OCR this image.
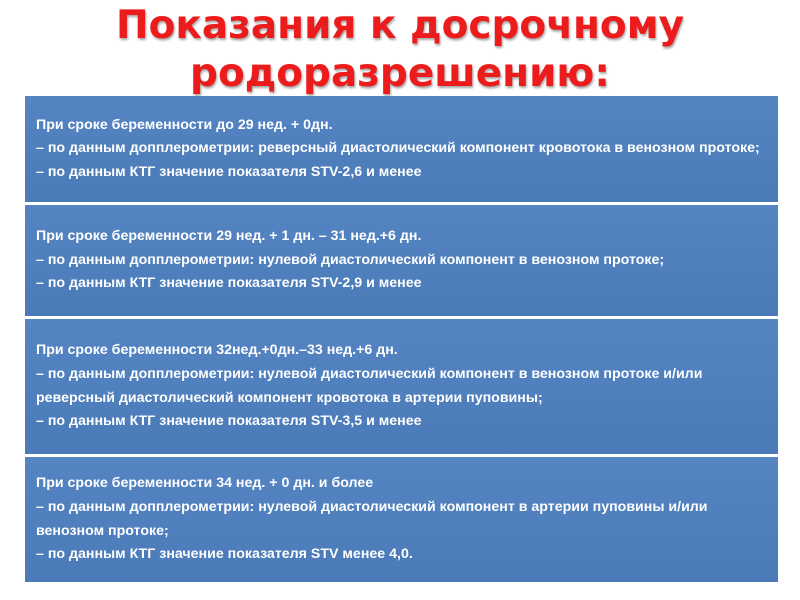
Показания к досрочному
родоразрешению:
При сроке беременности до 29 нед. + 0дн.
– по данным допплерометрии: реверсный диастолический компонент кровотока в венозном протоке;
– по данным КТГ значение показателя STV-2,6 и менее
При сроке беременности 29 нед. + 1 дн. – 31 нед.+6 дн.
– по данным допплерометрии: нулевой диастолический компонент в венозном протоке;
– по данным КТГ значение показателя STV-2,9 и менее
При сроке беременности 32нед.+0дн.–33 нед.+6 дн.
– по данным допплерометрии: нулевой диастолический компонент в венозном протоке и/или реверсный диастолический компонент кровотока в артерии пуповины;
– по данным КТГ значение показателя STV-3,5 и менее
При сроке беременности 34 нед. + 0 дн. и более
– по данным допплерометрии: нулевой диастолический компонент в артерии пуповины и/или венозном протоке;
– по данным КТГ значение показателя STV менее 4,0.
